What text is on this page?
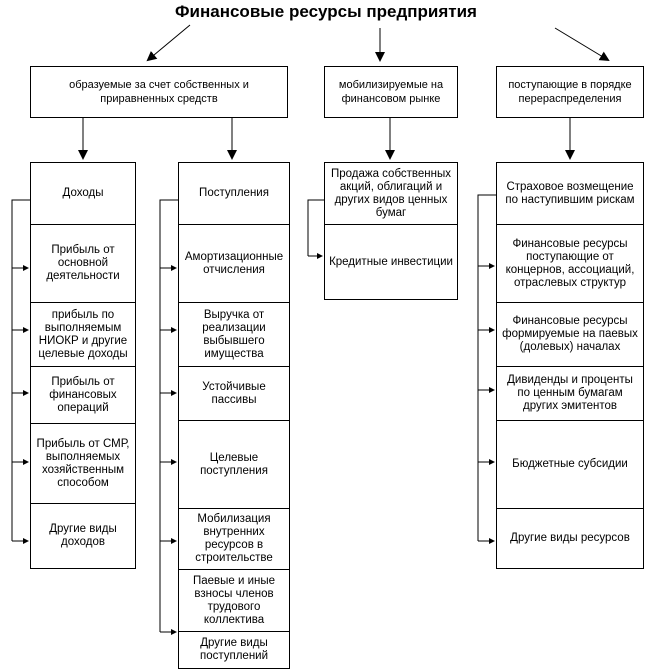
Финансовые ресурсы предприятия
образуемые за счет собственных и приравненных средств
мобилизируемые на финансовом рынке
поступающие в порядке перераспределения
Доходы
Прибыль от основной деятельности
прибыль по выполняемым НИОКР и другие целевые доходы
Прибыль от финансовых операций
Прибыль от СМР, выполняемых хозяйственным способом
Другие виды доходов
Поступления
Амортизационные отчисления
Выручка от реализации выбывшего имущества
Устойчивые пассивы
Целевые поступления
Мобилизация внутренних ресурсов в строительстве
Паевые и иные взносы членов трудового коллектива
Другие виды поступлений
Продажа собственных акций, облигаций и других видов ценных бумаг
Кредитные инвестиции
Страховое возмещение по наступившим рискам
Финансовые ресурсы поступающие от концернов, ассоциаций, отраслевых структур
Финансовые ресурсы формируемые на паевых (долевых) началах
Дивиденды и проценты по ценным бумагам других эмитентов
Бюджетные субсидии
Другие виды ресурсов
